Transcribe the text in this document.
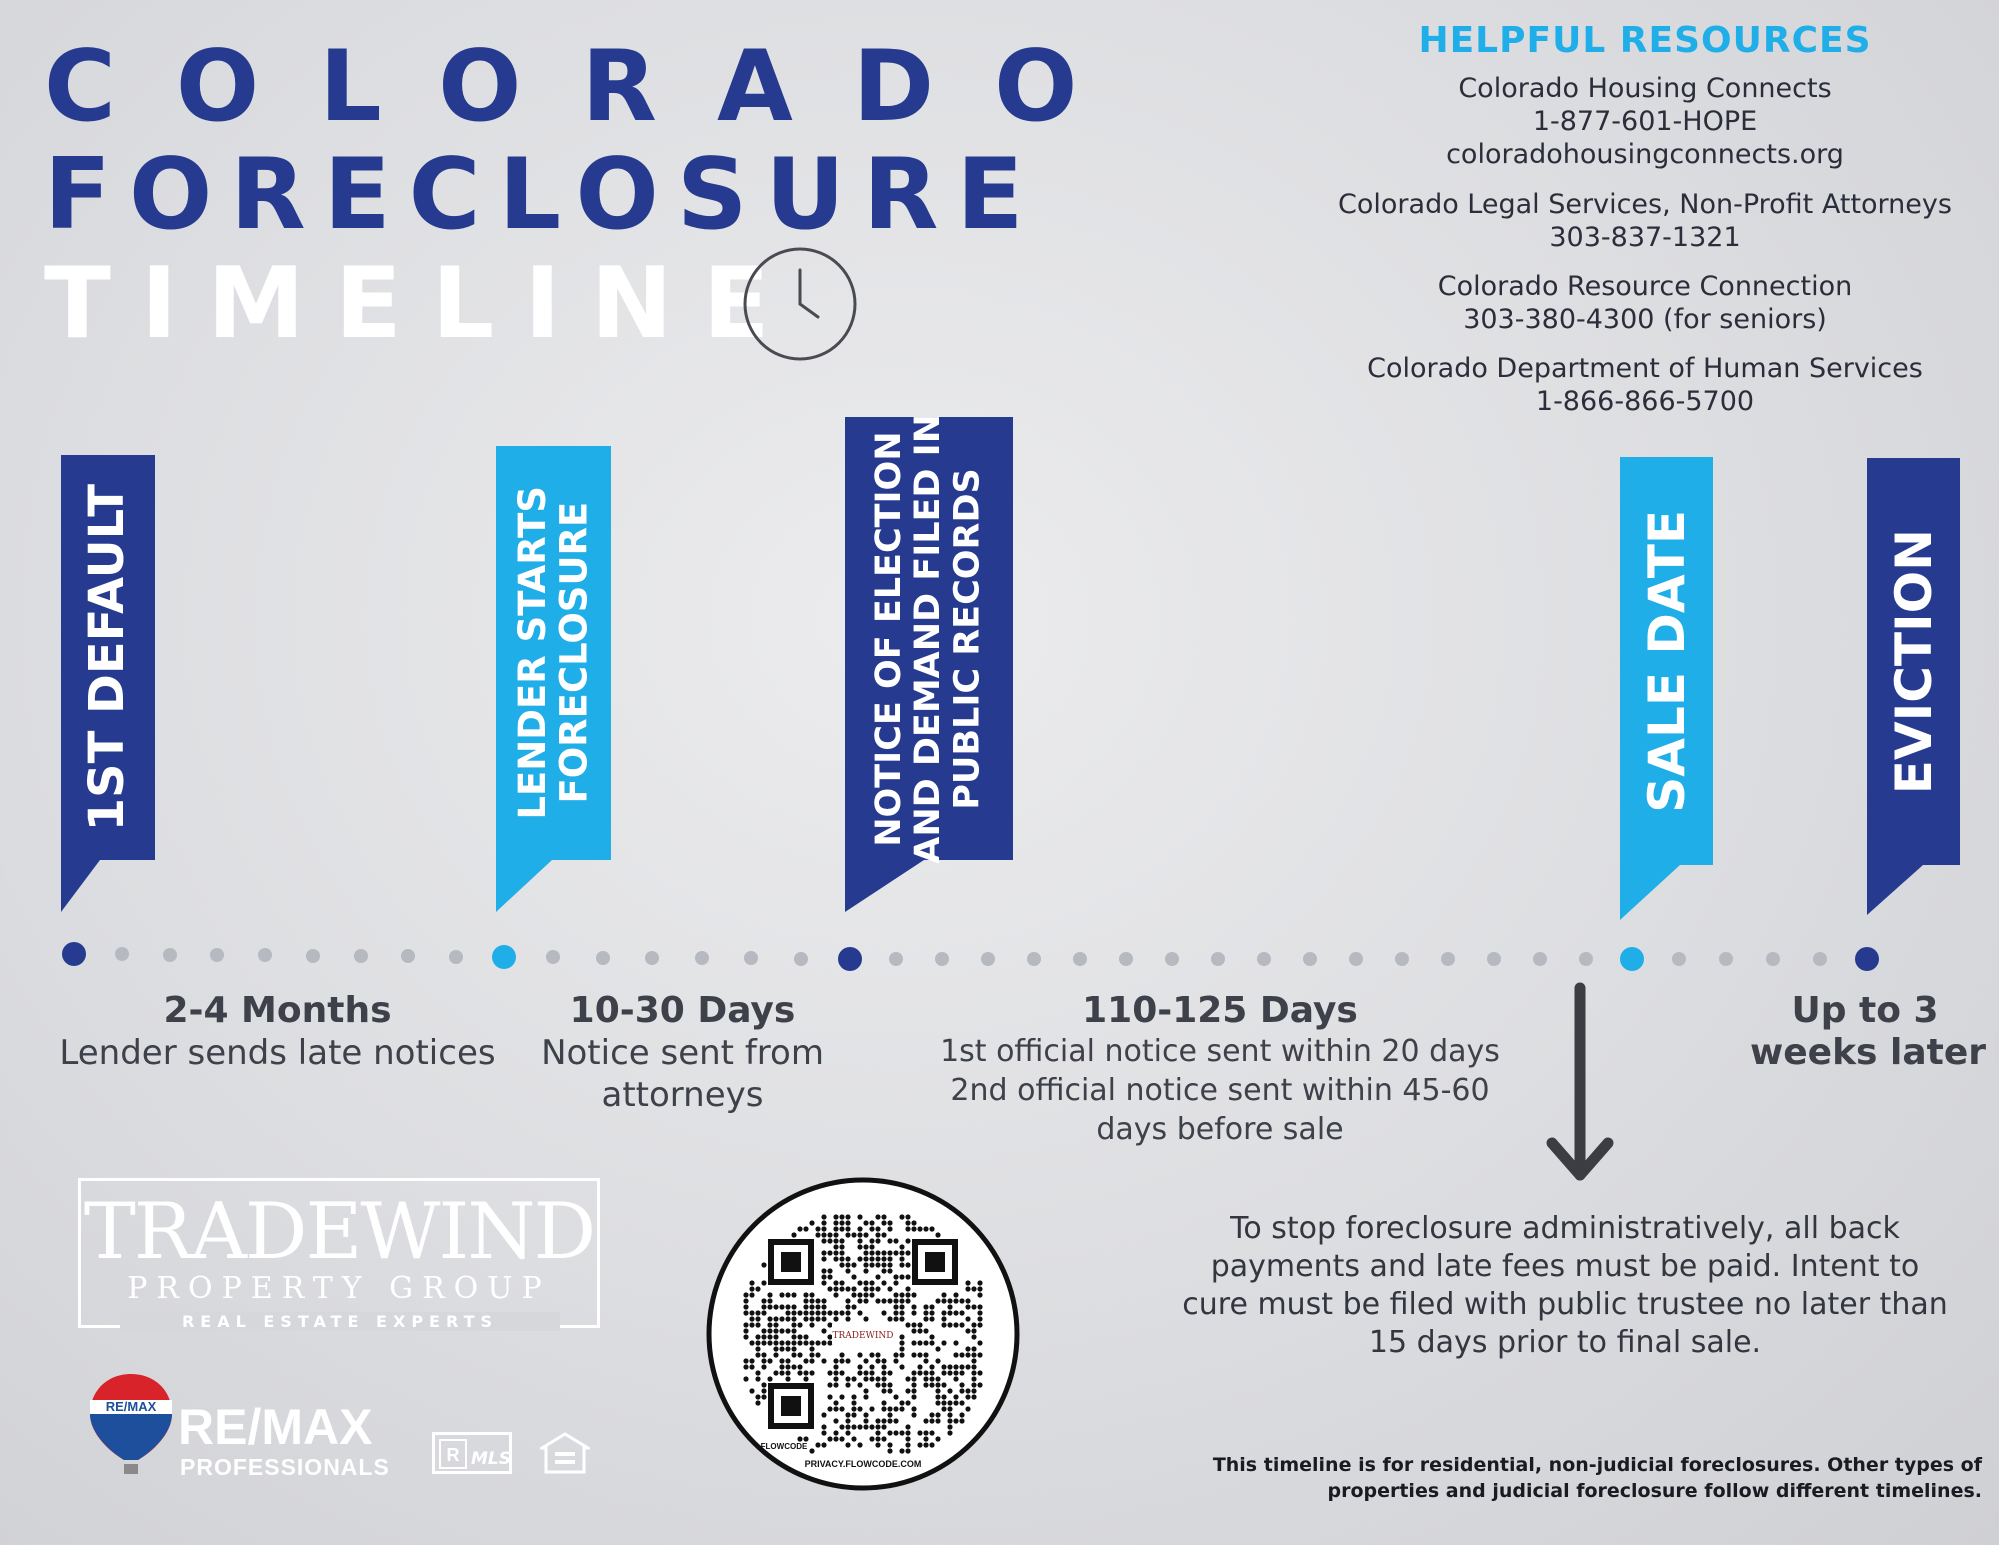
COLORADO
FORECLOSURE
TIMELINE
HELPFUL RESOURCES
Colorado Housing Connects
1-877-601-HOPE
coloradohousingconnects.org
Colorado Legal Services, Non-Profit Attorneys
303-837-1321
Colorado Resource Connection
303-380-4300 (for seniors)
Colorado Department of Human Services
1-866-866-5700
1ST DEFAULT	LENDER STARTS
FORECLOSURE	NOTICE OF ELECTION AND DEMAND FILED IN PUBLIC RECORDS	SALE DATE	EVICTION
2-4 Months
Lender sends late notices
10-30 Days
Notice sent from
attorneys
110-125 Days
1st official notice sent within 20 days
2nd official notice sent within 45-60
days before sale
Up to 3
weeks later
To stop foreclosure administratively, all back
payments and late fees must be paid. Intent to
cure must be filed with public trustee no later than
15 days prior to final sale.
This timeline is for residential, non-judicial foreclosures. Other types of
properties and judicial foreclosure follow different timelines.
TRADEWIND
PROPERTY GROUP
REAL ESTATE EXPERTS
RE/MAX RE/MAX
PROFESSIONALS	R MLS
TRADEWIND
FLOWCODE
PRIVACY.FLOWCODE.COM
